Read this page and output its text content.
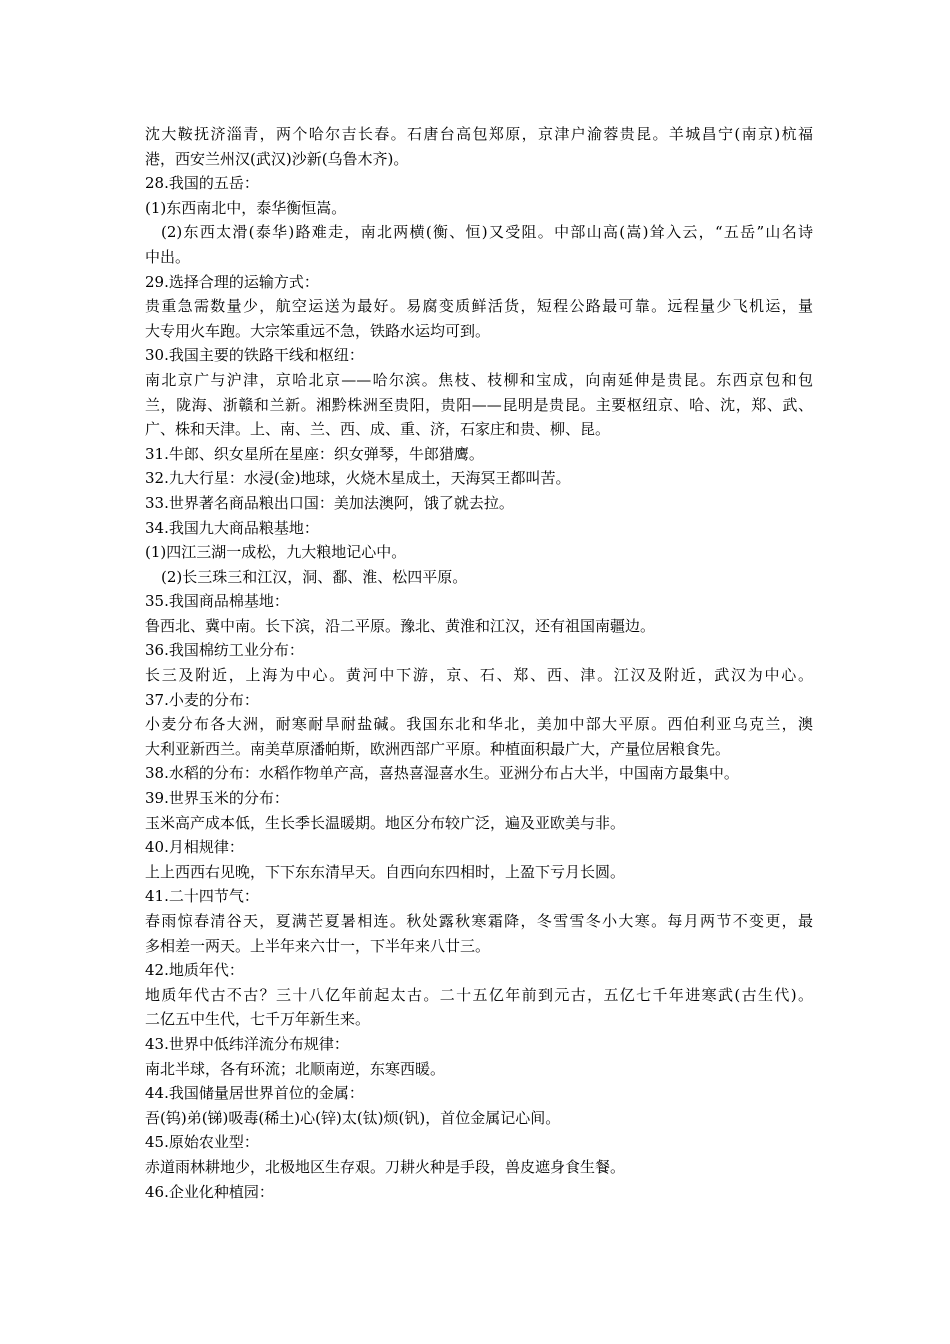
沈大鞍抚济淄青，两个哈尔吉长春。石唐台高包郑原，京津户渝蓉贵昆。羊城昌宁(南京)杭福
港，西安兰州汉(武汉)沙新(乌鲁木齐)。
28.我国的五岳：
(1)东西南北中，泰华衡恒嵩。
(2)东西太滑(泰华)路难走，南北两横(衡、恒)又受阻。中部山高(嵩)耸入云，“五岳”山名诗
中出。
29.选择合理的运输方式：
贵重急需数量少，航空运送为最好。易腐变质鲜活货，短程公路最可靠。远程量少飞机运，量
大专用火车跑。大宗笨重远不急，铁路水运均可到。
30.我国主要的铁路干线和枢纽：
南北京广与沪津，京哈北京——哈尔滨。焦枝、枝柳和宝成，向南延伸是贵昆。东西京包和包
兰，陇海、浙赣和兰新。湘黔株洲至贵阳，贵阳——昆明是贵昆。主要枢纽京、哈、沈，郑、武、
广、株和天津。上、南、兰、西、成、重、济，石家庄和贵、柳、昆。
31.牛郎、织女星所在星座：织女弹琴，牛郎猎鹰。
32.九大行星：水浸(金)地球，火烧木星成土，天海冥王都叫苦。
33.世界著名商品粮出口国：美加法澳阿，饿了就去拉。
34.我国九大商品粮基地：
(1)四江三湖一成松，九大粮地记心中。
(2)长三珠三和江汉，洞、鄱、淮、松四平原。
35.我国商品棉基地：
鲁西北、冀中南。长下滨，沿二平原。豫北、黄淮和江汉，还有祖国南疆边。
36.我国棉纺工业分布：
长三及附近，上海为中心。黄河中下游，京、石、郑、西、津。江汉及附近，武汉为中心。
37.小麦的分布：
小麦分布各大洲，耐寒耐旱耐盐碱。我国东北和华北，美加中部大平原。西伯利亚乌克兰，澳
大利亚新西兰。南美草原潘帕斯，欧洲西部广平原。种植面积最广大，产量位居粮食先。
38.水稻的分布：水稻作物单产高，喜热喜湿喜水生。亚洲分布占大半，中国南方最集中。
39.世界玉米的分布：
玉米高产成本低，生长季长温暖期。地区分布较广泛，遍及亚欧美与非。
40.月相规律：
上上西西右见晚，下下东东清早天。自西向东四相时，上盈下亏月长圆。
41.二十四节气：
春雨惊春清谷天，夏满芒夏暑相连。秋处露秋寒霜降，冬雪雪冬小大寒。每月两节不变更，最
多相差一两天。上半年来六廿一，下半年来八廿三。
42.地质年代：
地质年代古不古？三十八亿年前起太古。二十五亿年前到元古，五亿七千年进寒武(古生代)。
二亿五中生代，七千万年新生来。
43.世界中低纬洋流分布规律：
南北半球，各有环流；北顺南逆，东寒西暖。
44.我国储量居世界首位的金属：
吾(钨)弟(锑)吸毒(稀土)心(锌)太(钛)烦(钒)，首位金属记心间。
45.原始农业型：
赤道雨林耕地少，北极地区生存艰。刀耕火种是手段，兽皮遮身食生餐。
46.企业化种植园：
